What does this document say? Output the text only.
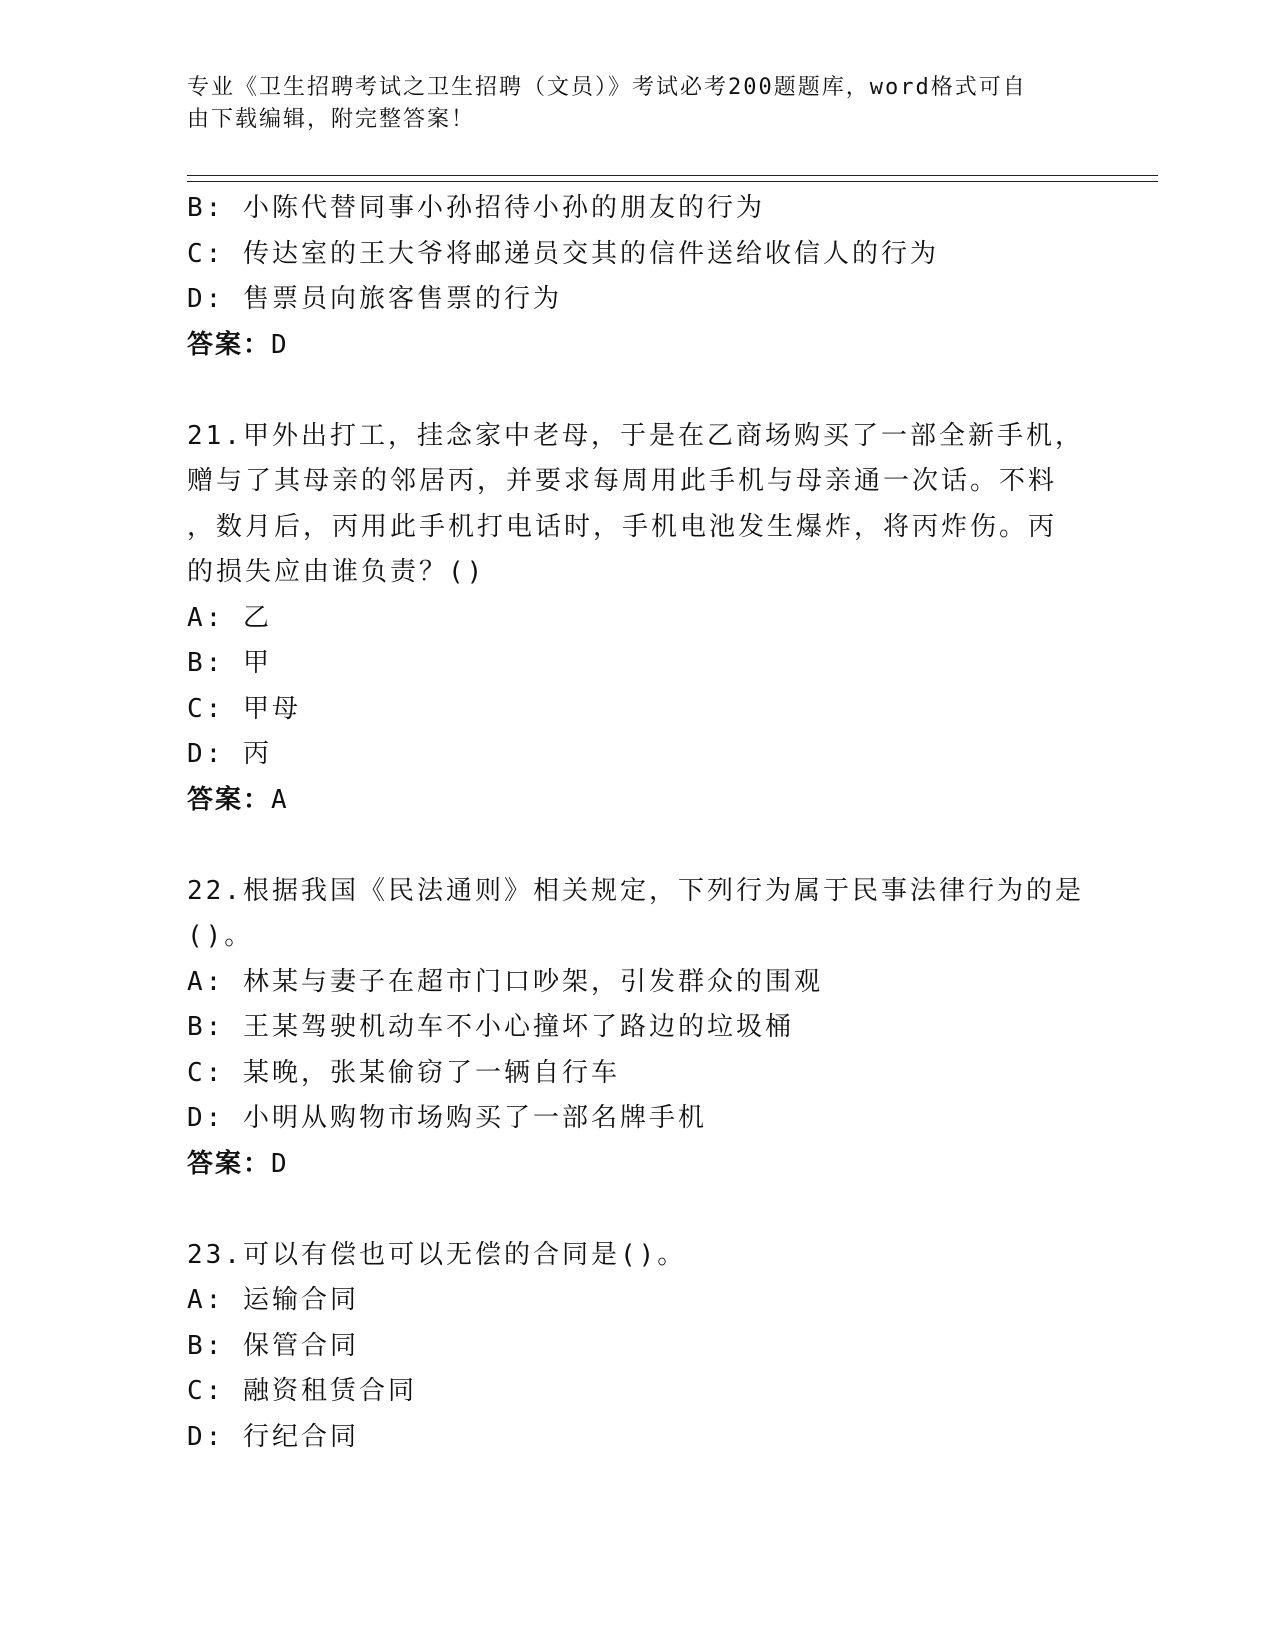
专业《卫生招聘考试之卫生招聘（文员）》考试必考200题题库，word格式可自
由下载编辑，附完整答案！
B: 小陈代替同事小孙招待小孙的朋友的行为
C: 传达室的王大爷将邮递员交其的信件送给收信人的行为
D: 售票员向旅客售票的行为
答案：D
21.甲外出打工，挂念家中老母，于是在乙商场购买了一部全新手机，
赠与了其母亲的邻居丙，并要求每周用此手机与母亲通一次话。不料
，数月后，丙用此手机打电话时，手机电池发生爆炸，将丙炸伤。丙
的损失应由谁负责？()
A: 乙
B: 甲
C: 甲母
D: 丙
答案：A
22.根据我国《民法通则》相关规定，下列行为属于民事法律行为的是
()。
A: 林某与妻子在超市门口吵架，引发群众的围观
B: 王某驾驶机动车不小心撞坏了路边的垃圾桶
C: 某晚，张某偷窃了一辆自行车
D: 小明从购物市场购买了一部名牌手机
答案：D
23.可以有偿也可以无偿的合同是()。
A: 运输合同
B: 保管合同
C: 融资租赁合同
D: 行纪合同
